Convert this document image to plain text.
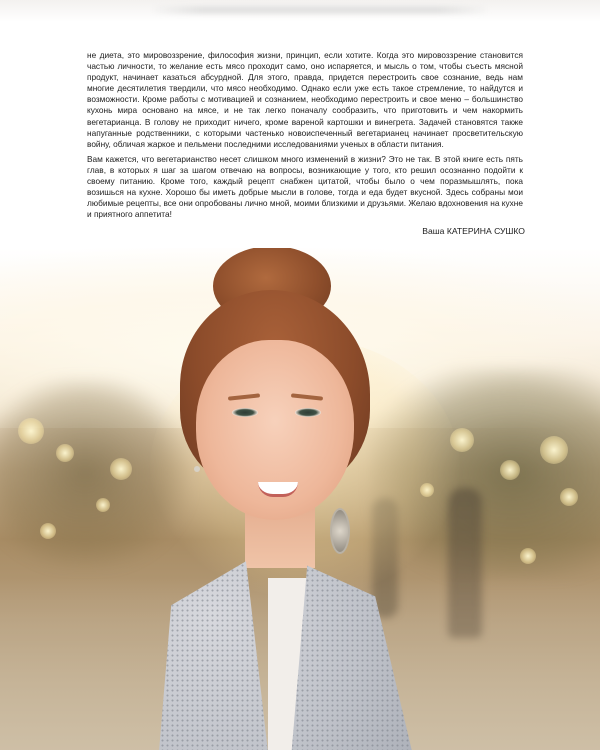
не диета, это мировоззрение, философия жизни, принцип, если хотите. Когда это мировоззрение становится частью личности, то желание есть мясо проходит само, оно испаряется, и мысль о том, чтобы съесть мясной продукт, начинает казаться абсурдной. Для этого, правда, придется перестроить свое сознание, ведь нам многие десятилетия твердили, что мясо необходимо. Однако если уже есть такое стремление, то найдутся и возможности. Кроме работы с мотивацией и сознанием, необходимо перестроить и свое меню – большинство кухонь мира основано на мясе, и не так легко поначалу сообразить, что приготовить и чем накормить вегетарианца. В голову не приходит ничего, кроме вареной картошки и винегрета. Задачей становятся также напуганные родственники, с которыми частенько новоиспеченный вегетарианец начинает просветительскую войну, обличая жаркое и пельмени последними исследованиями ученых в области питания.

Вам кажется, что вегетарианство несет слишком много изменений в жизни? Это не так. В этой книге есть пять глав, в которых я шаг за шагом отвечаю на вопросы, возникающие у того, кто решил осознанно подойти к своему питанию. Кроме того, каждый рецепт снабжен цитатой, чтобы было о чем поразмышлять, пока возишься на кухне. Хорошо бы иметь добрые мысли в голове, тогда и еда будет вкусной. Здесь собраны мои любимые рецепты, все они опробованы лично мной, моими близкими и друзьями. Желаю вдохновения на кухне и приятного аппетита!

Ваша КАТЕРИНА СУШКО
